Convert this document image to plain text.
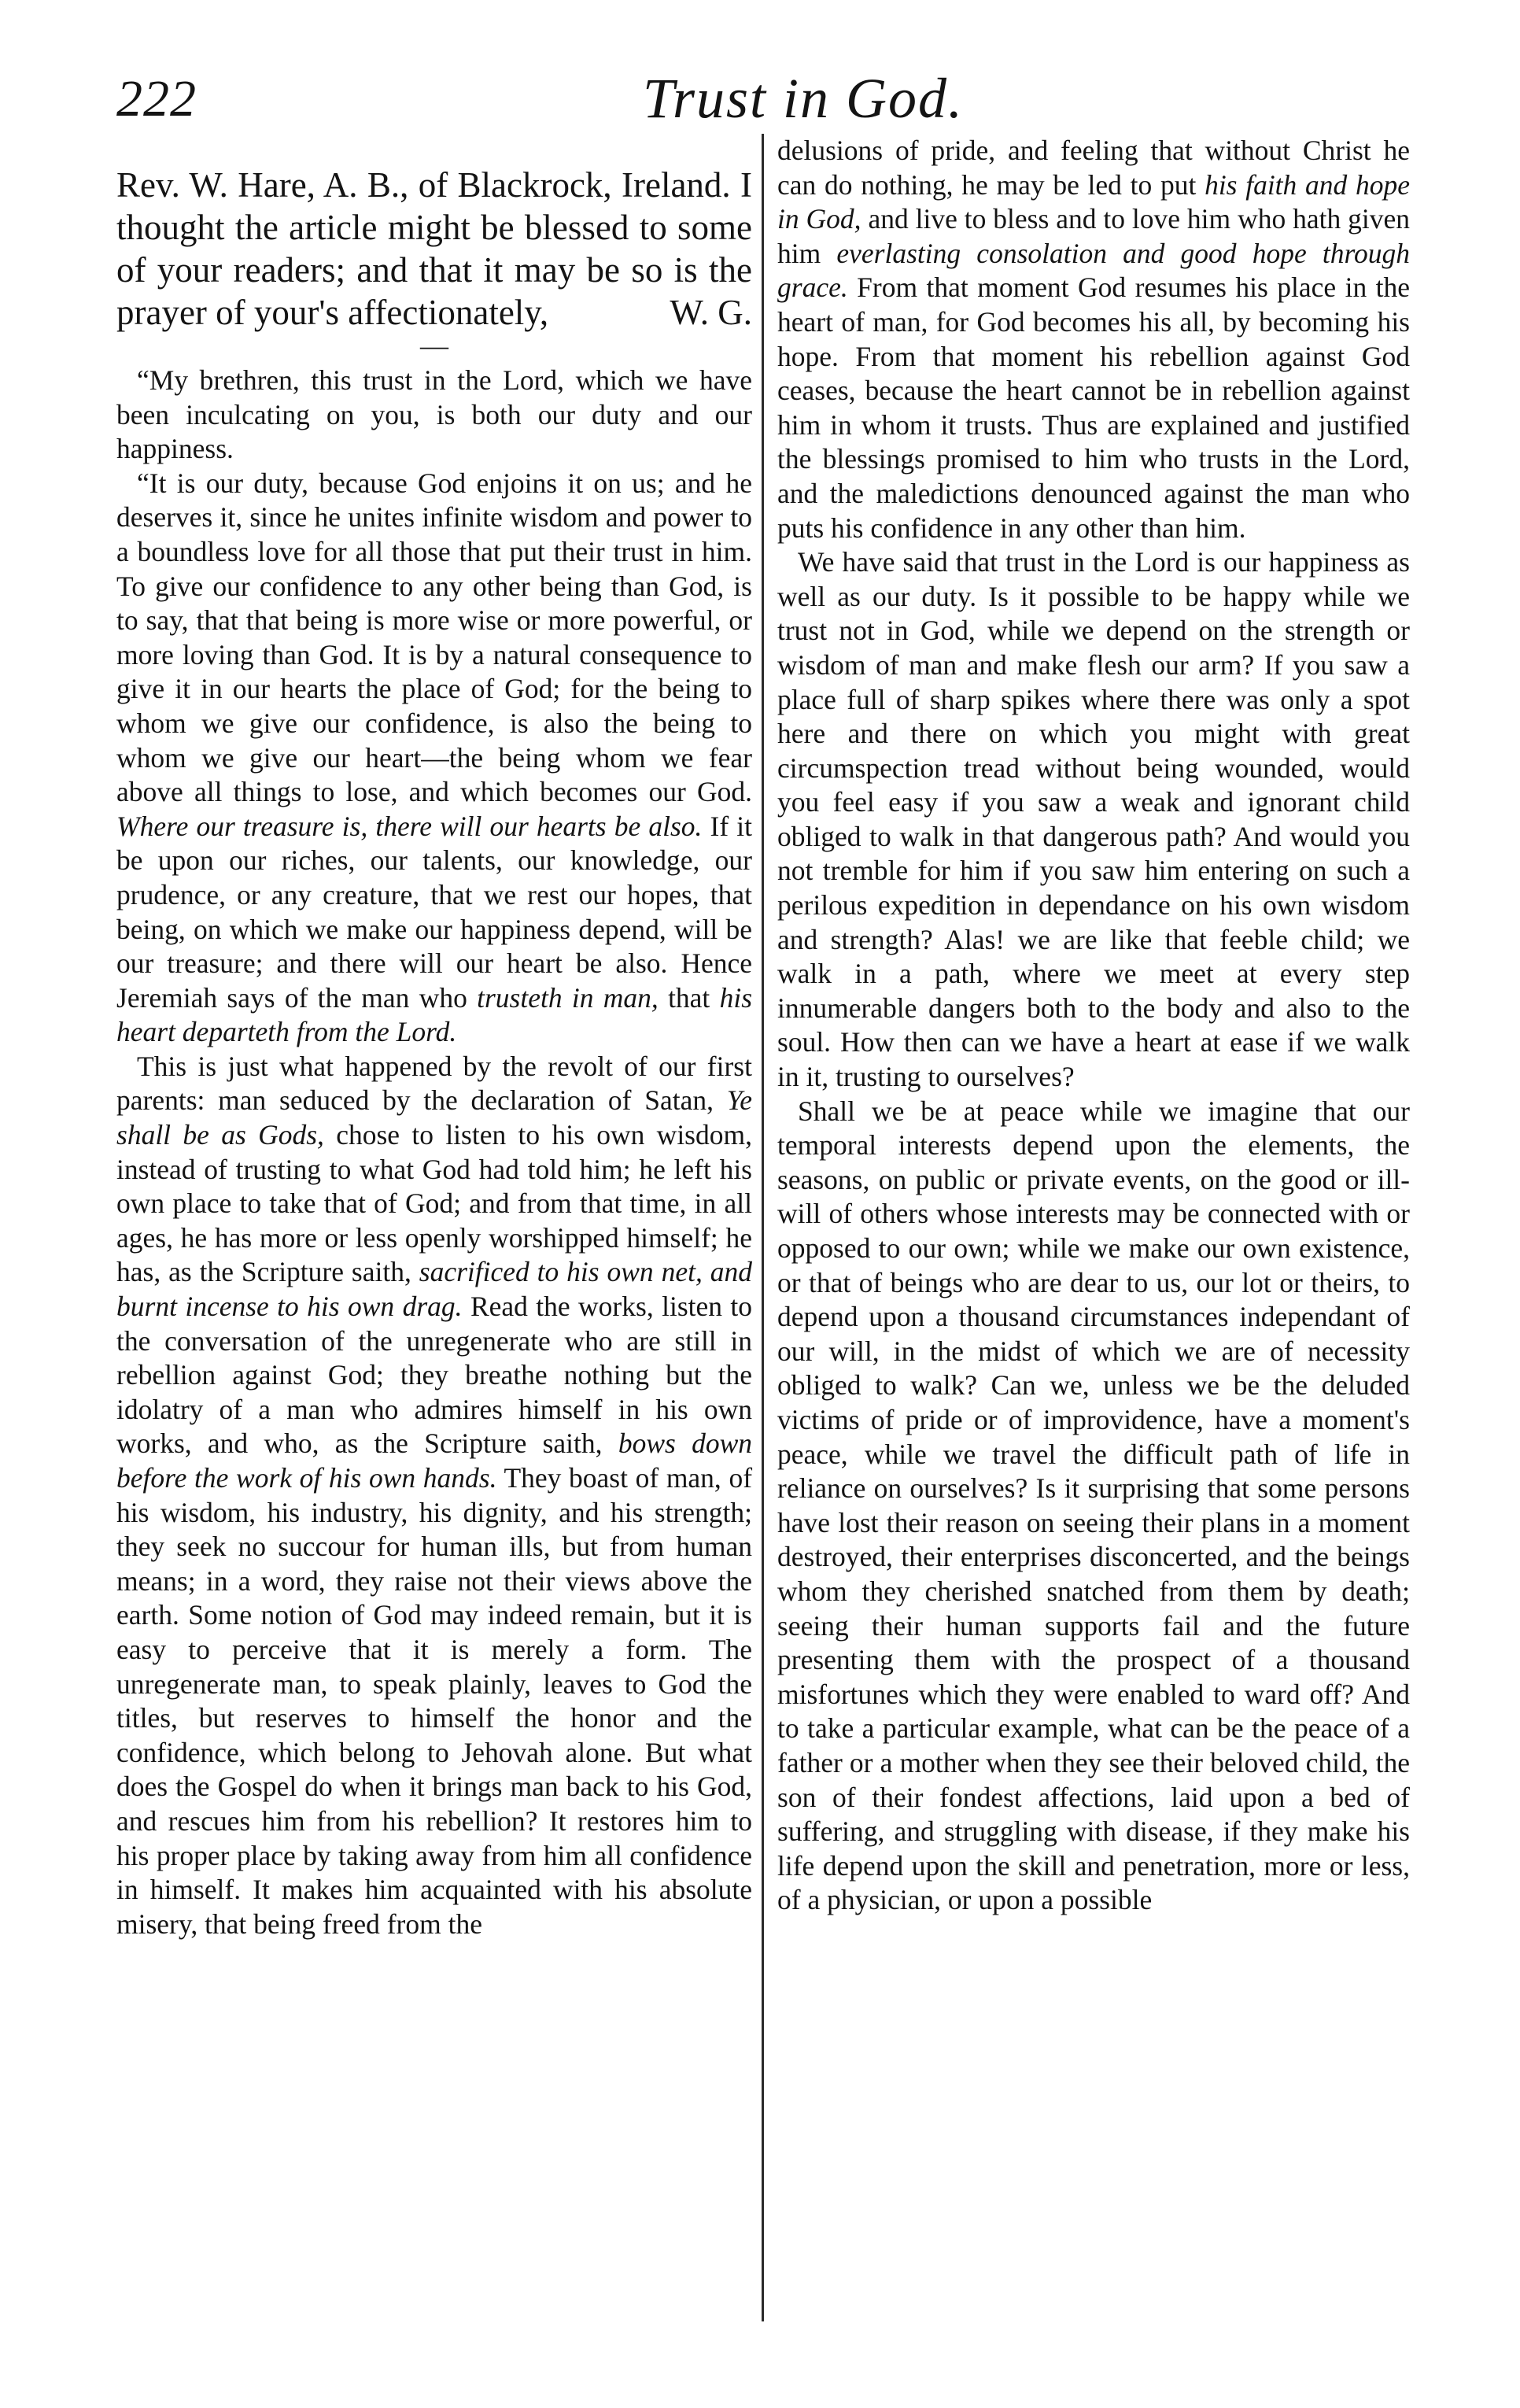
222	Trust in God.
Rev. W. Hare, A. B., of Blackrock, Ireland. I thought the article might be blessed to some of your readers; and that it may be so is the prayer of your's affectionately,	W. G.
—

“My brethren, this trust in the Lord, which we have been inculcating on you, is both our duty and our happiness.

“It is our duty, because God enjoins it on us; and he deserves it, since he unites infinite wisdom and power to a boundless love for all those that put their trust in him. To give our confidence to any other being than God, is to say, that that being is more wise or more powerful, or more loving than God. It is by a natural consequence to give it in our hearts the place of God; for the being to whom we give our confidence, is also the being to whom we give our heart—the being whom we fear above all things to lose, and which becomes our God. Where our treasure is, there will our hearts be also. If it be upon our riches, our talents, our knowledge, our prudence, or any creature, that we rest our hopes, that being, on which we make our happiness depend, will be our treasure; and there will our heart be also. Hence Jeremiah says of the man who trusteth in man, that his heart departeth from the Lord.

This is just what happened by the revolt of our first parents: man seduced by the declaration of Satan, Ye shall be as Gods, chose to listen to his own wisdom, instead of trusting to what God had told him; he left his own place to take that of God; and from that time, in all ages, he has more or less openly worshipped himself; he has, as the Scripture saith, sacrificed to his own net, and burnt incense to his own drag. Read the works, listen to the conversation of the unregenerate who are still in rebellion against God; they breathe nothing but the idolatry of a man who admires himself in his own works, and who, as the Scripture saith, bows down before the work of his own hands. They boast of man, of his wisdom, his industry, his dignity, and his strength; they seek no succour for human ills, but from human means; in a word, they raise not their views above the earth. Some notion of God may indeed remain, but it is easy to perceive that it is merely a form. The unregenerate man, to speak plainly, leaves to God the titles, but reserves to himself the honor and the confidence, which belong to Jehovah alone. But what does the Gospel do when it brings man back to his God, and rescues him from his rebellion? It restores him to his proper place by taking away from him all confidence in himself. It makes him acquainted with his absolute misery, that being freed from the

delusions of pride, and feeling that without Christ he can do nothing, he may be led to put his faith and hope in God, and live to bless and to love him who hath given him everlasting consolation and good hope through grace. From that moment God resumes his place in the heart of man, for God becomes his all, by becoming his hope. From that moment his rebellion against God ceases, because the heart cannot be in rebellion against him in whom it trusts. Thus are explained and justified the blessings promised to him who trusts in the Lord, and the maledictions denounced against the man who puts his confidence in any other than him.

We have said that trust in the Lord is our happiness as well as our duty. Is it possible to be happy while we trust not in God, while we depend on the strength or wisdom of man and make flesh our arm? If you saw a place full of sharp spikes where there was only a spot here and there on which you might with great circumspection tread without being wounded, would you feel easy if you saw a weak and ignorant child obliged to walk in that dangerous path? And would you not tremble for him if you saw him entering on such a perilous expedition in dependance on his own wisdom and strength? Alas! we are like that feeble child; we walk in a path, where we meet at every step innumerable dangers both to the body and also to the soul. How then can we have a heart at ease if we walk in it, trusting to ourselves?

Shall we be at peace while we imagine that our temporal interests depend upon the elements, the seasons, on public or private events, on the good or ill-will of others whose interests may be connected with or opposed to our own; while we make our own existence, or that of beings who are dear to us, our lot or theirs, to depend upon a thousand circumstances independant of our will, in the midst of which we are of necessity obliged to walk? Can we, unless we be the deluded victims of pride or of improvidence, have a moment's peace, while we travel the difficult path of life in reliance on ourselves? Is it surprising that some persons have lost their reason on seeing their plans in a moment destroyed, their enterprises disconcerted, and the beings whom they cherished snatched from them by death; seeing their human supports fail and the future presenting them with the prospect of a thousand misfortunes which they were enabled to ward off? And to take a particular example, what can be the peace of a father or a mother when they see their beloved child, the son of their fondest affections, laid upon a bed of suffering, and struggling with disease, if they make his life depend upon the skill and penetration, more or less, of a physician, or upon a possible
